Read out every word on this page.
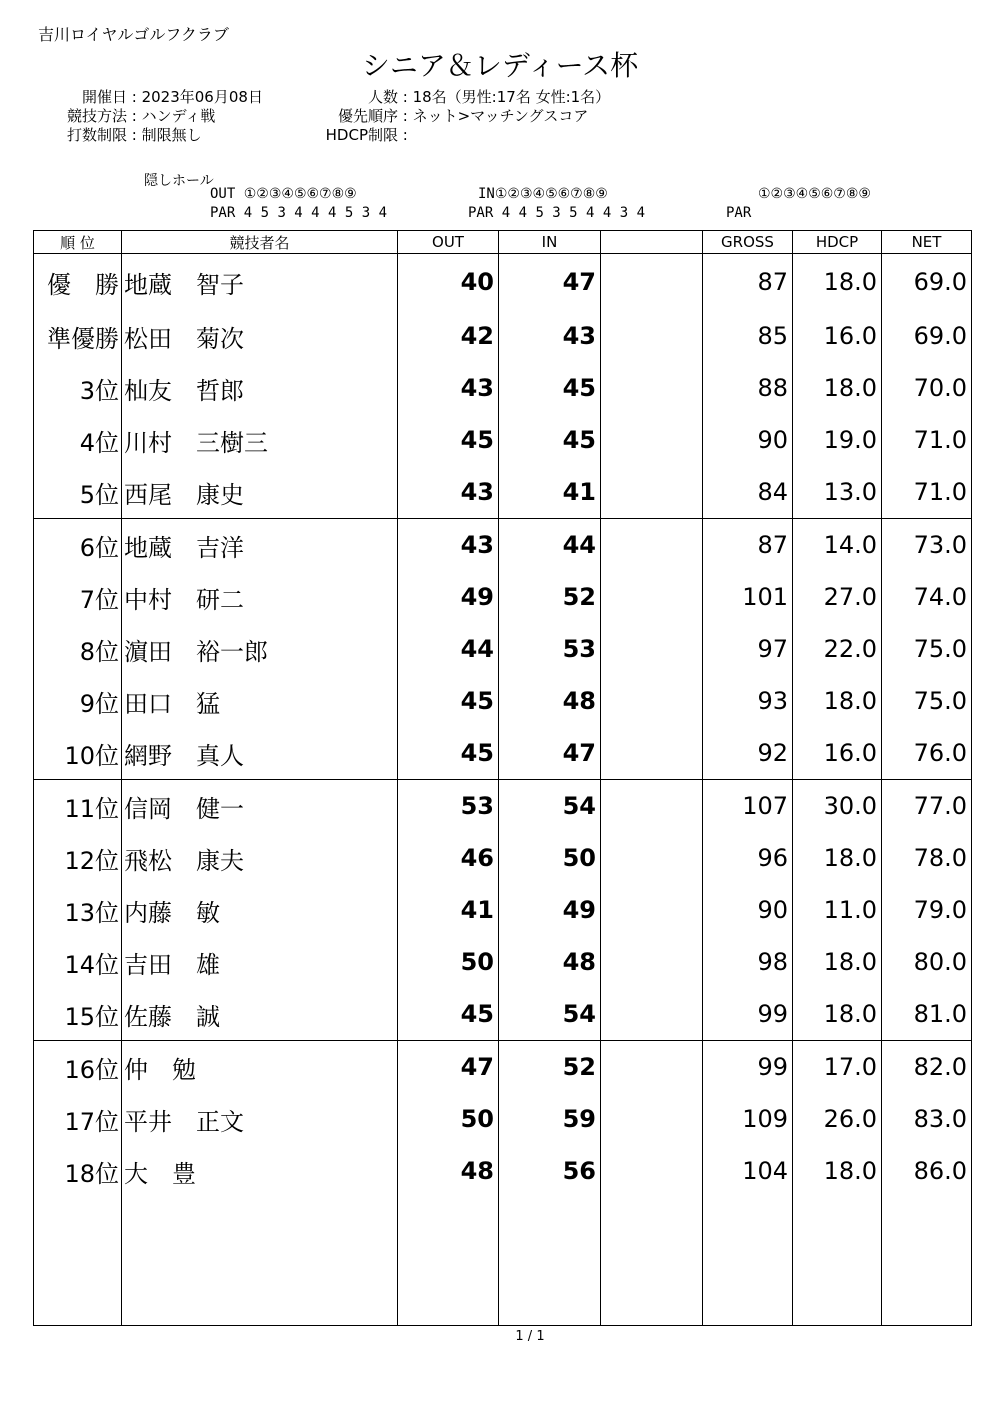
吉川ロイヤルゴルフクラブ
シニア＆レディース杯
開催日 : 2023年06月08日
競技方法 : ハンディ戦
打数制限 : 制限無し
人数 : 18名（男性:17名 女性:1名）
優先順序 : ネット>マッチングスコア
HDCP制限 :
隠しホール
OUT ①②③④⑤⑥⑦⑧⑨
PAR 4 5 3 4 4 4 5 3 4
IN①②③④⑤⑥⑦⑧⑨
PAR 4 4 5 3 5 4 4 3 4
①②③④⑤⑥⑦⑧⑨
PAR
順 位	競技者名	OUT	IN		GROSS	HDCP	NET
優　勝	地蔵　智子	40	47		87	18.0	69.0
準優勝	松田　菊次	42	43		85	16.0	69.0
3位	杣友　哲郎	43	45		88	18.0	70.0
4位	川村　三樹三	45	45		90	19.0	71.0
5位	西尾　康史	43	41		84	13.0	71.0
6位	地蔵　吉洋	43	44		87	14.0	73.0
7位	中村　研二	49	52		101	27.0	74.0
8位	濵田　裕一郎	44	53		97	22.0	75.0
9位	田口　猛	45	48		93	18.0	75.0
10位	網野　真人	45	47		92	16.0	76.0
11位	信岡　健一	53	54		107	30.0	77.0
12位	飛松　康夫	46	50		96	18.0	78.0
13位	内藤　敏	41	49		90	11.0	79.0
14位	吉田　雄	50	48		98	18.0	80.0
15位	佐藤　誠	45	54		99	18.0	81.0
16位	仲　勉	47	52		99	17.0	82.0
17位	平井　正文	50	59		109	26.0	83.0
18位	大　豊	48	56		104	18.0	86.0

1 / 1
